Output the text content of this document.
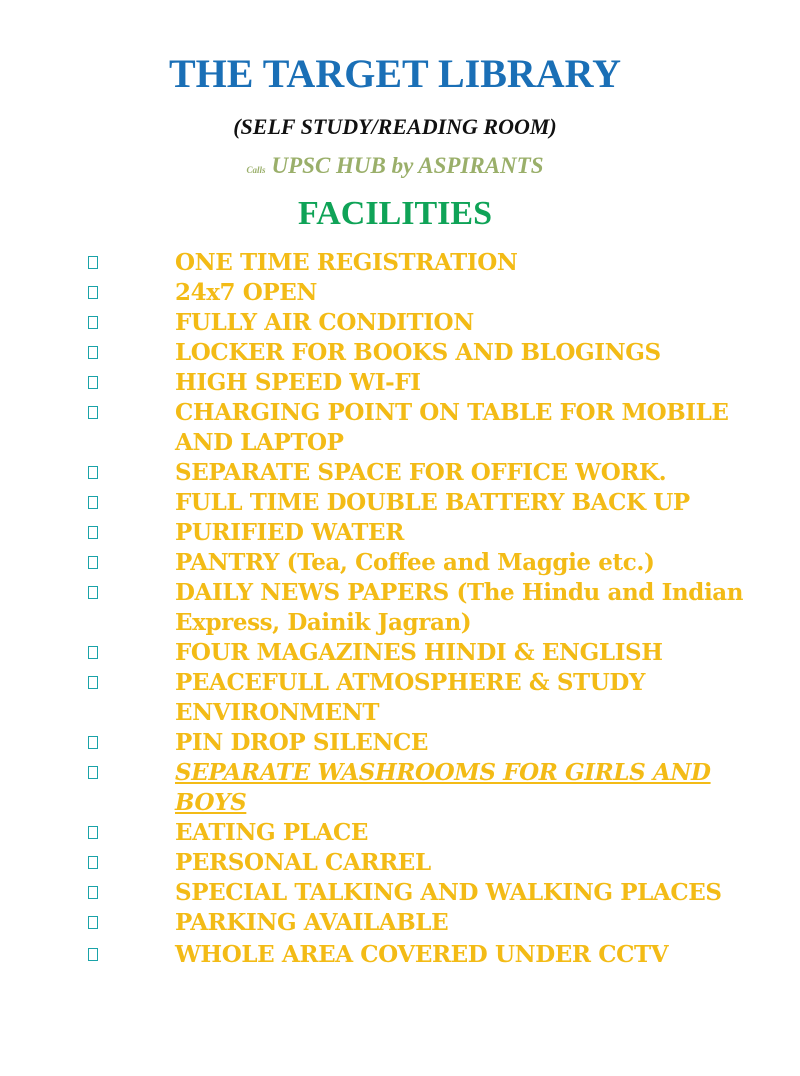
THE TARGET LIBRARY
(SELF STUDY/READING ROOM)
Calls UPSC HUB by ASPIRANTS
FACILITIES
ONE TIME REGISTRATION
24x7 OPEN
FULLY AIR CONDITION
LOCKER FOR BOOKS AND BLOGINGS
HIGH SPEED WI-FI
CHARGING POINT ON TABLE FOR MOBILE AND LAPTOP
SEPARATE SPACE FOR OFFICE WORK.
FULL TIME DOUBLE BATTERY BACK UP
PURIFIED WATER
PANTRY (Tea, Coffee and Maggie etc.)
DAILY NEWS PAPERS (The Hindu and Indian Express, Dainik Jagran)
FOUR MAGAZINES HINDI & ENGLISH
PEACEFULL ATMOSPHERE & STUDY ENVIRONMENT
PIN DROP SILENCE
SEPARATE WASHROOMS FOR GIRLS AND BOYS
EATING PLACE
PERSONAL CARREL
SPECIAL TALKING AND WALKING PLACES
PARKING AVAILABLE
WHOLE AREA COVERED UNDER CCTV
